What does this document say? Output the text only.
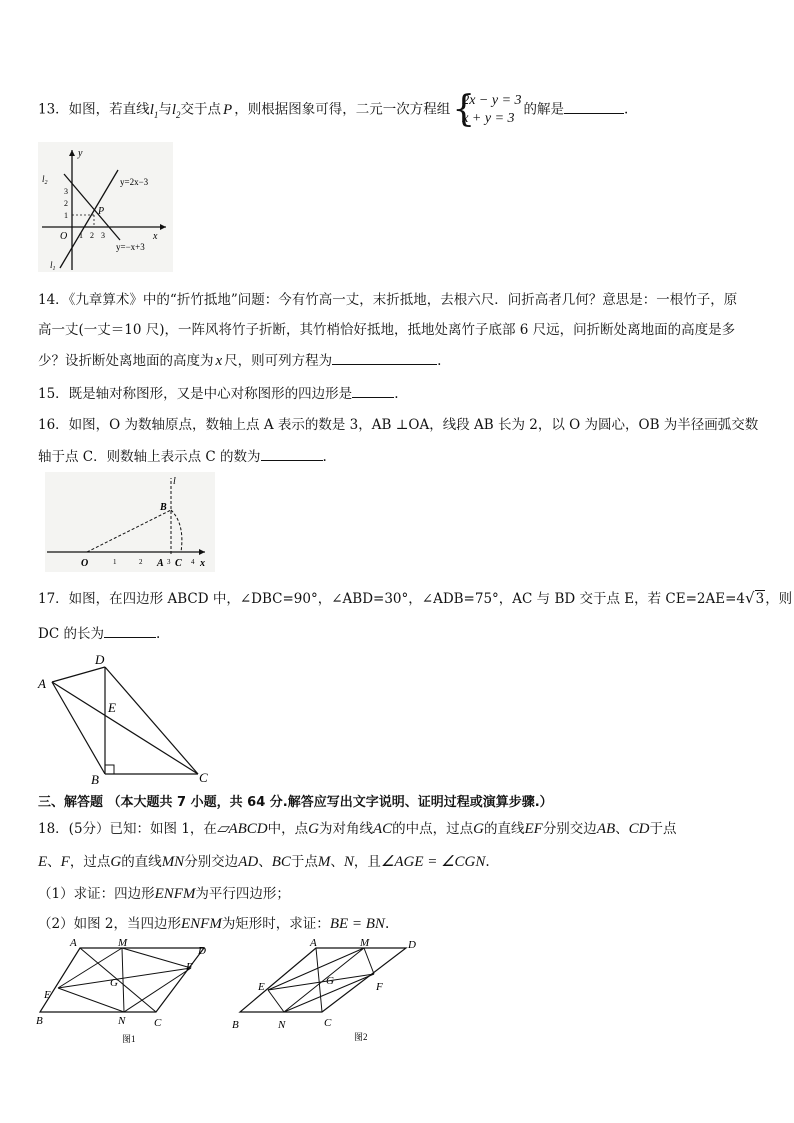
13．如图，若直线$l_1$与$l_2$交于点 P ，则根据图象可得，二元一次方程组 {
2x − y = 3
x + y = 3
的解是	.
y
x
O 1 2 3
1
2
3
P
y=2x−3
y=−x+3
$l_2$
$l_1$
14．《九章算术》中的“折竹抵地”问题：今有竹高一丈，末折抵地，去根六尺．问折高者几何？意思是：一根竹子，原
高一丈(一丈＝10 尺)，一阵风将竹子折断，其竹梢恰好抵地，抵地处离竹子底部 6 尺远，问折断处离地面的高度是多
少？设折断处离地面的高度为 x 尺，则可列方程为	.
15．既是轴对称图形，又是中心对称图形的四边形是	.
16．如图，O 为数轴原点，数轴上点 A 表示的数是 3，AB ⊥OA，线段 AB 长为 2，以 O 为圆心，OB 为半径画弧交数
轴于点 C．则数轴上表示点 C 的数为	.
O	1	2 A 3 C 4 x
B
l
17．如图，在四边形 ABCD 中，∠DBC=90°，∠ABD=30°，∠ADB=75°，AC 与 BD 交于点 E，若 CE=2AE=4√3，则
DC 的长为	.
A
D
E
B	C
三、解答题 （本大题共 7 小题，共 64 分.解答应写出文字说明、证明过程或演算步骤.）
18．(5分）已知：如图 1，在▱ABCD中，点G为对角线AC的中点，过点G的直线EF分别交边AB、CD于点
E、F，过点G的直线MN分别交边AD、BC于点M、N，且∠AGE = ∠CGN.
（1）求证：四边形ENFM为平行四边形；
（2）如图 2，当四边形ENFM为矩形时，求证：BE = BN.
A	M
D
F
G
E
B	N	C
图1
A	M	D
F
G
E
B	N	C
图2
